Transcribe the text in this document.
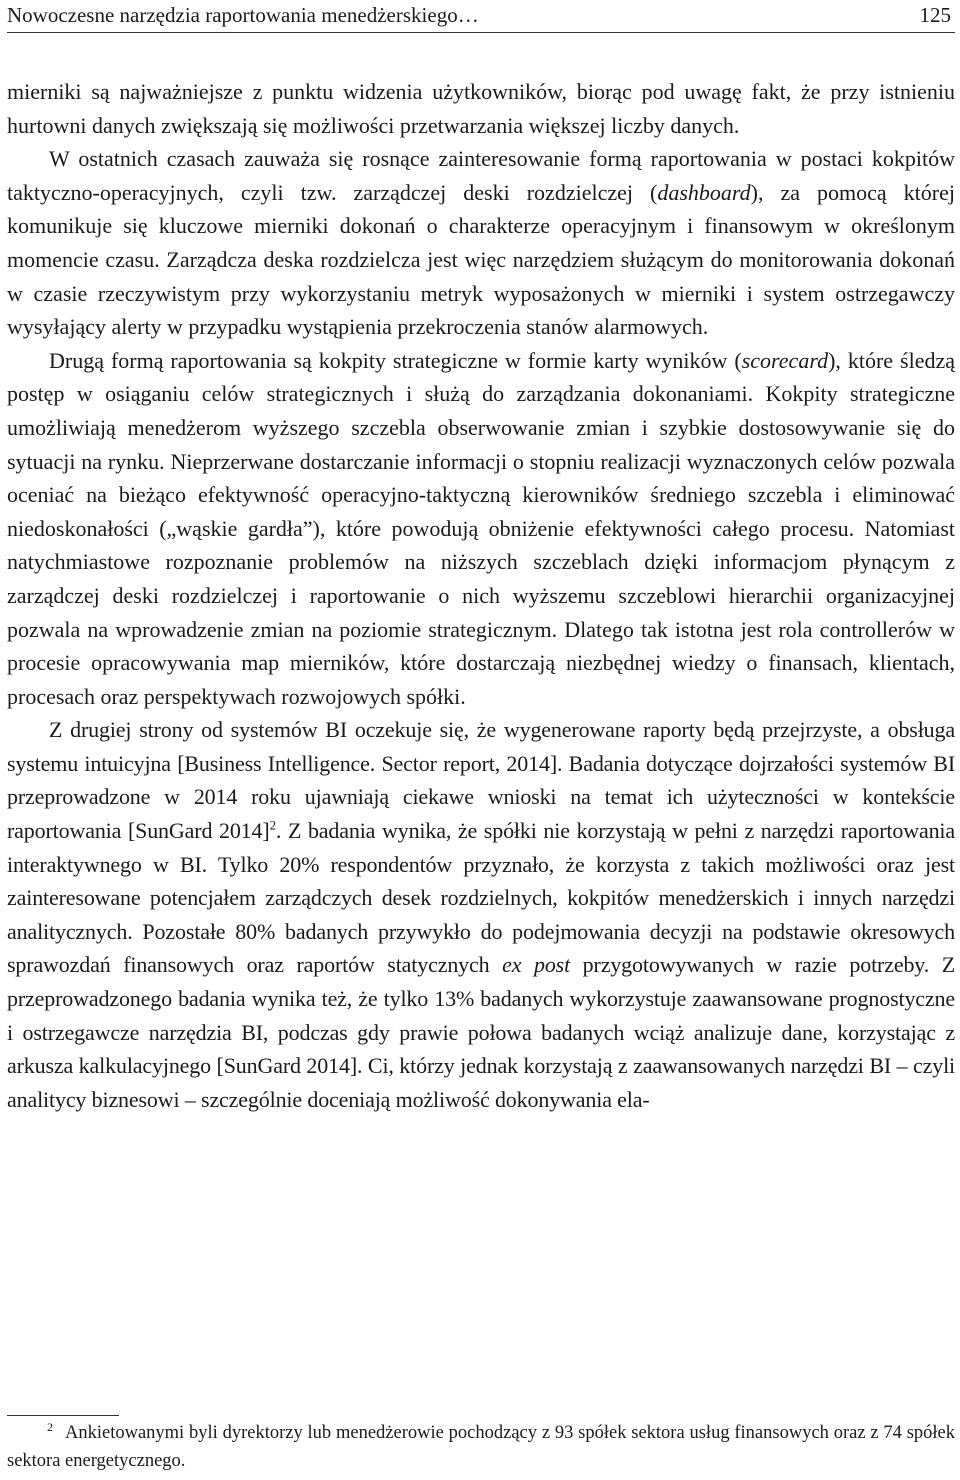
Nowoczesne narzędzia raportowania menedżerskiego…	125

mierniki są najważniejsze z punktu widzenia użytkowników, biorąc pod uwagę fakt, że przy istnieniu hurtowni danych zwiększają się możliwości przetwarzania większej liczby danych.

W ostatnich czasach zauważa się rosnące zainteresowanie formą raportowania w postaci kokpitów taktyczno-operacyjnych, czyli tzw. zarządczej deski rozdzielczej (dashboard), za pomocą której komunikuje się kluczowe mierniki dokonań o charakterze operacyjnym i finansowym w określonym momencie czasu. Zarządcza deska rozdzielcza jest więc narzędziem służącym do monitorowania dokonań w czasie rzeczywistym przy wykorzystaniu metryk wyposażonych w mierniki i system ostrzegawczy wysyłający alerty w przypadku wystąpienia przekroczenia stanów alarmowych.

Drugą formą raportowania są kokpity strategiczne w formie karty wyników (scorecard), które śledzą postęp w osiąganiu celów strategicznych i służą do zarządzania dokonaniami. Kokpity strategiczne umożliwiają menedżerom wyższego szczebla obserwowanie zmian i szybkie dostosowywanie się do sytuacji na rynku. Nieprzerwane dostarczanie informacji o stopniu realizacji wyznaczonych celów pozwala oceniać na bieżąco efektywność operacyjno-taktyczną kierowników średniego szczebla i eliminować niedoskonałości („wąskie gardła”), które powodują obniżenie efektywności całego procesu. Natomiast natychmiastowe rozpoznanie problemów na niższych szczeblach dzięki informacjom płynącym z zarządczej deski rozdzielczej i raportowanie o nich wyższemu szczeblowi hierarchii organizacyjnej pozwala na wprowadzenie zmian na poziomie strategicznym. Dlatego tak istotna jest rola controllerów w procesie opracowywania map mierników, które dostarczają niezbędnej wiedzy o finansach, klientach, procesach oraz perspektywach rozwojowych spółki.

Z drugiej strony od systemów BI oczekuje się, że wygenerowane raporty będą przejrzyste, a obsługa systemu intuicyjna [Business Intelligence. Sector report, 2014]. Badania dotyczące dojrzałości systemów BI przeprowadzone w 2014 roku ujawniają ciekawe wnioski na temat ich użyteczności w kontekście raportowania [SunGard 2014]$^2$. Z badania wynika, że spółki nie korzystają w pełni z narzędzi raportowania interaktywnego w BI. Tylko 20% respondentów przyznało, że korzysta z takich możliwości oraz jest zainteresowane potencjałem zarządczych desek rozdzielnych, kokpitów menedżerskich i innych narzędzi analitycznych. Pozostałe 80% badanych przywykło do podejmowania decyzji na podstawie okresowych sprawozdań finansowych oraz raportów statycznych ex post przygotowywanych w razie potrzeby. Z przeprowadzonego badania wynika też, że tylko 13% badanych wykorzystuje zaawansowane prognostyczne i ostrzegawcze narzędzia BI, podczas gdy prawie połowa badanych wciąż analizuje dane, korzystając z arkusza kalkulacyjnego [SunGard 2014]. Ci, którzy jednak korzystają z zaawansowanych narzędzi BI – czyli analitycy biznesowi – szczególnie doceniają możliwość dokonywania ela-

$^2$ Ankietowanymi byli dyrektorzy lub menedżerowie pochodzący z 93 spółek sektora usług finansowych oraz z 74 spółek sektora energetycznego.
